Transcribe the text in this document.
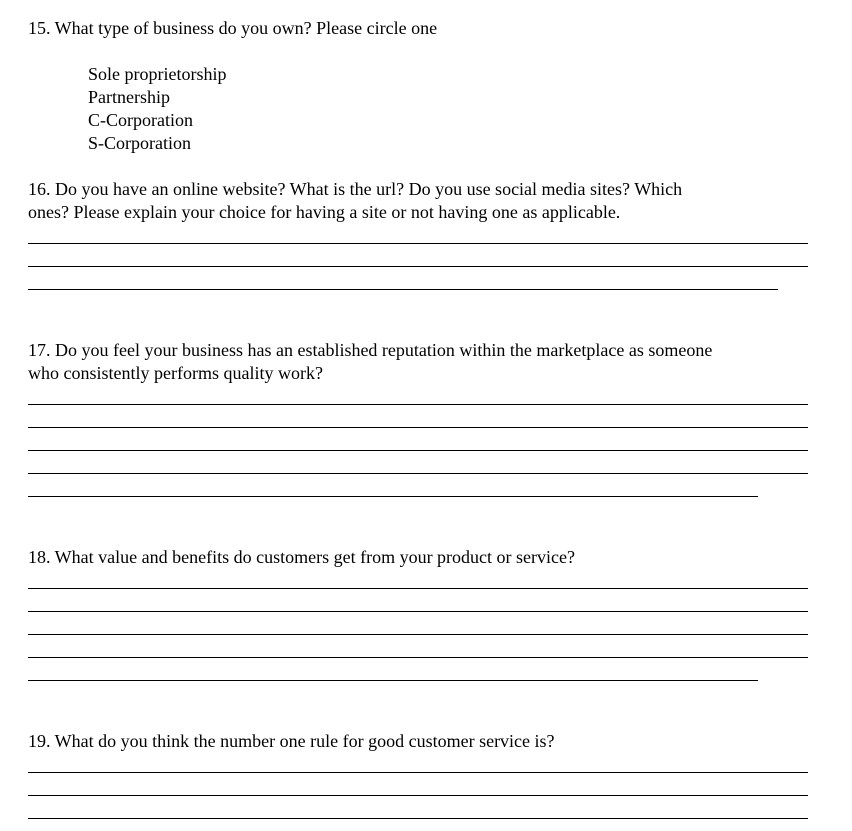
15. What type of business do you own? Please circle one
Sole proprietorship
Partnership
C-Corporation
S-Corporation
16. Do you have an online website? What is the url? Do you use social media sites? Which
ones? Please explain your choice for having a site or not having one as applicable.
17. Do you feel your business has an established reputation within the marketplace as someone
who consistently performs quality work?
18. What value and benefits do customers get from your product or service?
19. What do you think the number one rule for good customer service is?
